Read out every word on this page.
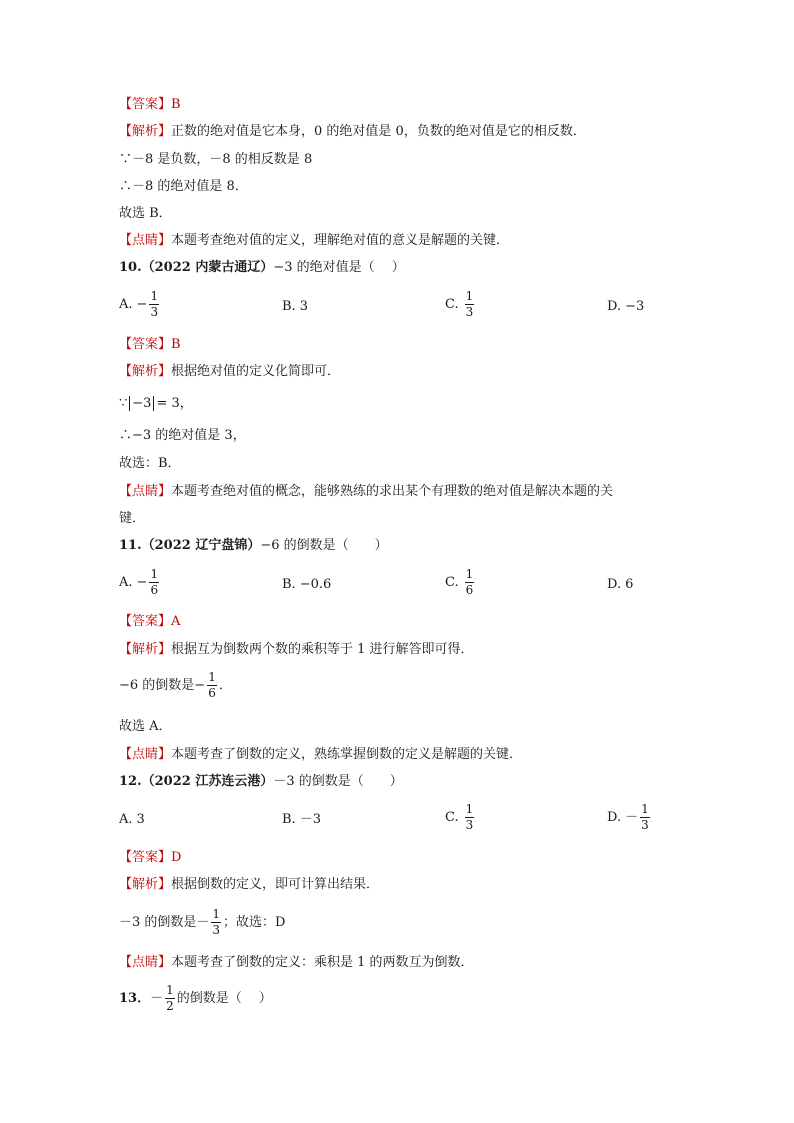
【答案】B
【解析】正数的绝对值是它本身，0 的绝对值是 0，负数的绝对值是它的相反数．
∵－8 是负数，－8 的相反数是 8
∴－8 的绝对值是 8．
故选 B．
【点睛】本题考查绝对值的定义，理解绝对值的意义是解题的关键．
10.（2022 内蒙古通辽）−3 的绝对值是（　 ）
A. − $\frac{1}{3}$	B. 3	C. $\frac{1}{3}$	D. −3
【答案】B
【解析】根据绝对值的定义化简即可．
∵ −3 = 3，
∴−3 的绝对值是 3，
故选：B．
【点睛】本题考查绝对值的概念，能够熟练的求出某个有理数的绝对值是解决本题的关
键．
11.（2022 辽宁盘锦）−6 的倒数是（　　）
A. − $\frac{1}{6}$	B. −0.6	C. $\frac{1}{6}$	D. 6
【答案】A
【解析】根据互为倒数两个数的乘积等于 1 进行解答即可得．
−6 的倒数是− $\frac{1}{6}$ ．
故选 A．
【点睛】本题考查了倒数的定义，熟练掌握倒数的定义是解题的关键．
12.（2022 江苏连云港）－3 的倒数是（　　）
A. 3	B. －3	C. $\frac{1}{3}$	D. － $\frac{1}{3}$
【答案】D
【解析】根据倒数的定义，即可计算出结果．
－3 的倒数是－ $\frac{1}{3}$ ；故选：D
【点睛】本题考查了倒数的定义：乘积是 1 的两数互为倒数．
13． － $\frac{1}{2}$ 的倒数是（　 ）
